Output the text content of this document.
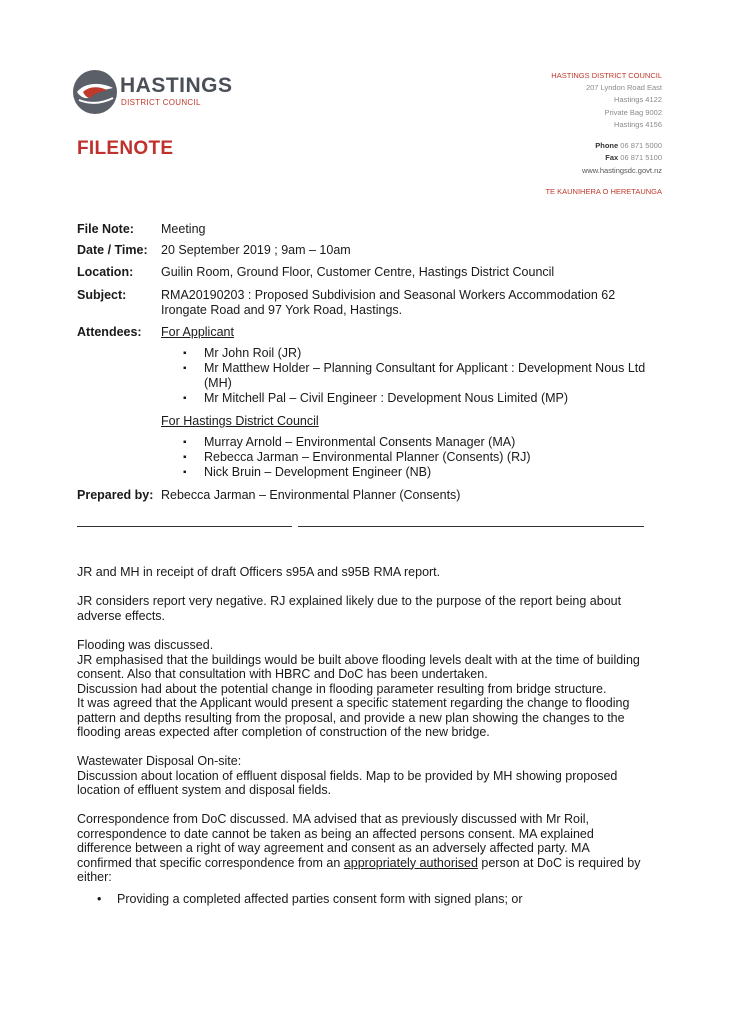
HASTINGS
DISTRICT COUNCIL
FILENOTE
HASTINGS DISTRICT COUNCIL
207 Lyndon Road East
Hastings 4122
Private Bag 9002
Hastings 4156
Phone 06 871 5000
Fax 06 871 5100
www.hastingsdc.govt.nz
TE KAUNIHERA O HERETAUNGA
File Note: Meeting
Date / Time: 20 September 2019 ; 9am – 10am
Location: Guilin Room, Ground Floor, Customer Centre, Hastings District Council
Subject:	RMA20190203 : Proposed Subdivision and Seasonal Workers Accommodation 62 Irongate Road and 97 York Road, Hastings.
Attendees: For Applicant
▪ Mr John Roil (JR)
▪ Mr Matthew Holder – Planning Consultant for Applicant : Development Nous Ltd (MH)
▪ Mr Mitchell Pal – Civil Engineer : Development Nous Limited (MP)
For Hastings District Council
▪ Murray Arnold – Environmental Consents Manager (MA)
▪ Rebecca Jarman – Environmental Planner (Consents) (RJ)
▪ Nick Bruin – Development Engineer (NB)
Prepared by: Rebecca Jarman – Environmental Planner (Consents)
JR and MH in receipt of draft Officers s95A and s95B RMA report.
JR considers report very negative. RJ explained likely due to the purpose of the report being about adverse effects.
Flooding was discussed.
JR emphasised that the buildings would be built above flooding levels dealt with at the time of building consent. Also that consultation with HBRC and DoC has been undertaken.
Discussion had about the potential change in flooding parameter resulting from bridge structure.
It was agreed that the Applicant would present a specific statement regarding the change to flooding pattern and depths resulting from the proposal, and provide a new plan showing the changes to the flooding areas expected after completion of construction of the new bridge.
Wastewater Disposal On-site:
Discussion about location of effluent disposal fields. Map to be provided by MH showing proposed location of effluent system and disposal fields.
Correspondence from DoC discussed. MA advised that as previously discussed with Mr Roil, correspondence to date cannot be taken as being an affected persons consent. MA explained difference between a right of way agreement and consent as an adversely affected party. MA confirmed that specific correspondence from an appropriately authorised person at DoC is required by either:
• Providing a completed affected parties consent form with signed plans; or
